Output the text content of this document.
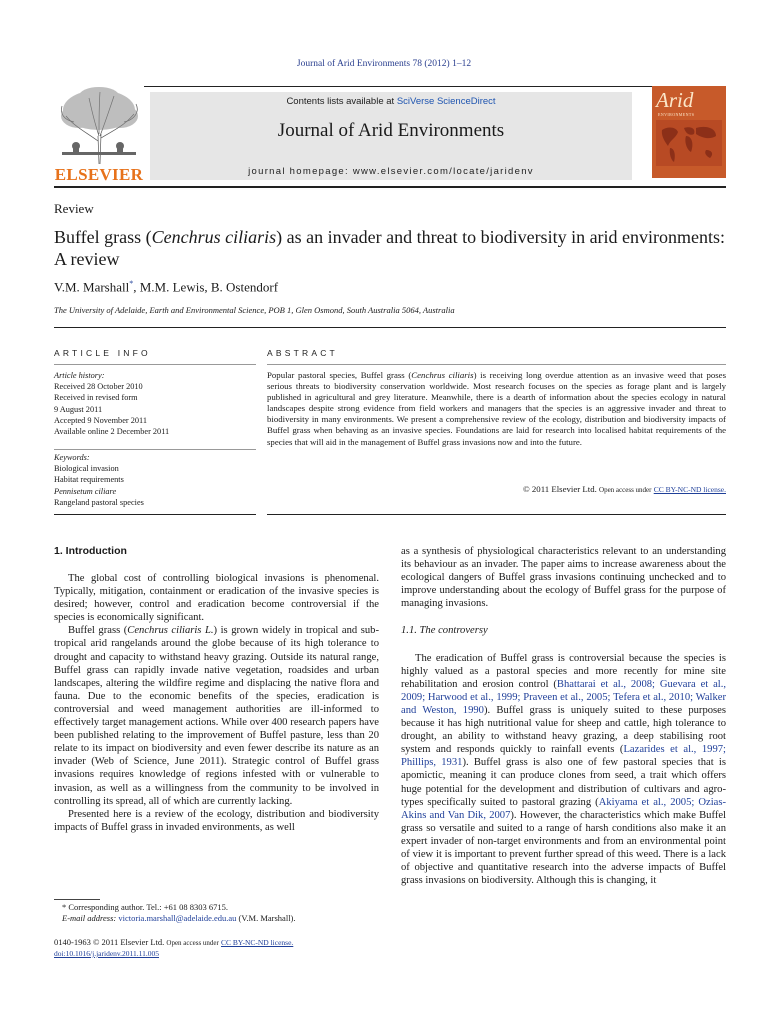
Journal of Arid Environments 78 (2012) 1–12
ELSEVIER
Contents lists available at SciVerse ScienceDirect
Journal of Arid Environments
journal homepage: www.elsevier.com/locate/jaridenv
Arid
ENVIRONMENTS
Review
Buffel grass (Cenchrus ciliaris) as an invader and threat to biodiversity in arid environments: A review
V.M. Marshall*, M.M. Lewis, B. Ostendorf
The University of Adelaide, Earth and Environmental Science, POB 1, Glen Osmond, South Australia 5064, Australia
ARTICLE INFO
Article history:
Received 28 October 2010
Received in revised form
9 August 2011
Accepted 9 November 2011
Available online 2 December 2011
Keywords:
Biological invasion
Habitat requirements
Pennisetum ciliare
Rangeland pastoral species
ABSTRACT
Popular pastoral species, Buffel grass (Cenchrus ciliaris) is receiving long overdue attention as an invasive weed that poses serious threats to biodiversity conservation worldwide. Most research focuses on the species as forage plant and is largely published in agricultural and grey literature. Meanwhile, there is a dearth of information about the species ecology in natural landscapes despite strong evidence from field workers and managers that the species is an aggressive invader and threat to biodiversity in many environments. We present a comprehensive review of the ecology, distribution and biodiversity impacts of Buffel grass when behaving as an invasive species. Foundations are laid for research into localised habitat requirements of the species that will aid in the management of Buffel grass invasions now and into the future.
© 2011 Elsevier Ltd. Open access under CC BY-NC-ND license.
1. Introduction

The global cost of controlling biological invasions is phenomenal. Typically, mitigation, containment or eradication of the invasive species is desired; however, control and eradication become controversial if the species is economically significant.

Buffel grass (Cenchrus ciliaris L.) is grown widely in tropical and sub-tropical arid rangelands around the globe because of its high tolerance to drought and capacity to withstand heavy grazing. Outside its natural range, Buffel grass can rapidly invade native vegetation, roadsides and urban landscapes, altering the wildfire regime and displacing the native flora and fauna. Due to the economic benefits of the species, eradication is controversial and weed management authorities are ill-informed to effectively target management actions. While over 400 research papers have been published relating to the improvement of Buffel pasture, less than 20 relate to its impact on biodiversity and even fewer describe its nature as an invader (Web of Science, June 2011). Strategic control of Buffel grass invasions requires knowledge of regions infested with or vulnerable to invasion, as well as a willingness from the community to be involved in controlling its spread, all of which are currently lacking.

Presented here is a review of the ecology, distribution and biodiversity impacts of Buffel grass in invaded environments, as well

as a synthesis of physiological characteristics relevant to an understanding its behaviour as an invader. The paper aims to increase awareness about the ecological dangers of Buffel grass invasions continuing unchecked and to improve understanding about the ecology of Buffel grass for the purpose of managing invasions.

1.1. The controversy

The eradication of Buffel grass is controversial because the species is highly valued as a pastoral species and more recently for mine site rehabilitation and erosion control (Bhattarai et al., 2008; Guevara et al., 2009; Harwood et al., 1999; Praveen et al., 2005; Tefera et al., 2010; Walker and Weston, 1990). Buffel grass is uniquely suited to these purposes because it has high nutritional value for sheep and cattle, high tolerance to drought, an ability to withstand heavy grazing, a deep stabilising root system and responds quickly to rainfall events (Lazarides et al., 1997; Phillips, 1931). Buffel grass is also one of few pastoral species that is apomictic, meaning it can produce clones from seed, a trait which offers huge potential for the development and distribution of cultivars and agro-types specifically suited to pastoral grazing (Akiyama et al., 2005; Ozias-Akins and Van Dik, 2007). However, the characteristics which make Buffel grass so versatile and suited to a range of harsh conditions also make it an expert invader of non-target environments and from an environmental point of view it is important to prevent further spread of this weed. There is a lack of objective and quantitative research into the adverse impacts of Buffel grass invasions on biodiversity. Although this is changing, it

* Corresponding author. Tel.: +61 08 8303 6715.
E-mail address: victoria.marshall@adelaide.edu.au (V.M. Marshall).
0140-1963 © 2011 Elsevier Ltd. Open access under CC BY-NC-ND license.
doi:10.1016/j.jaridenv.2011.11.005
